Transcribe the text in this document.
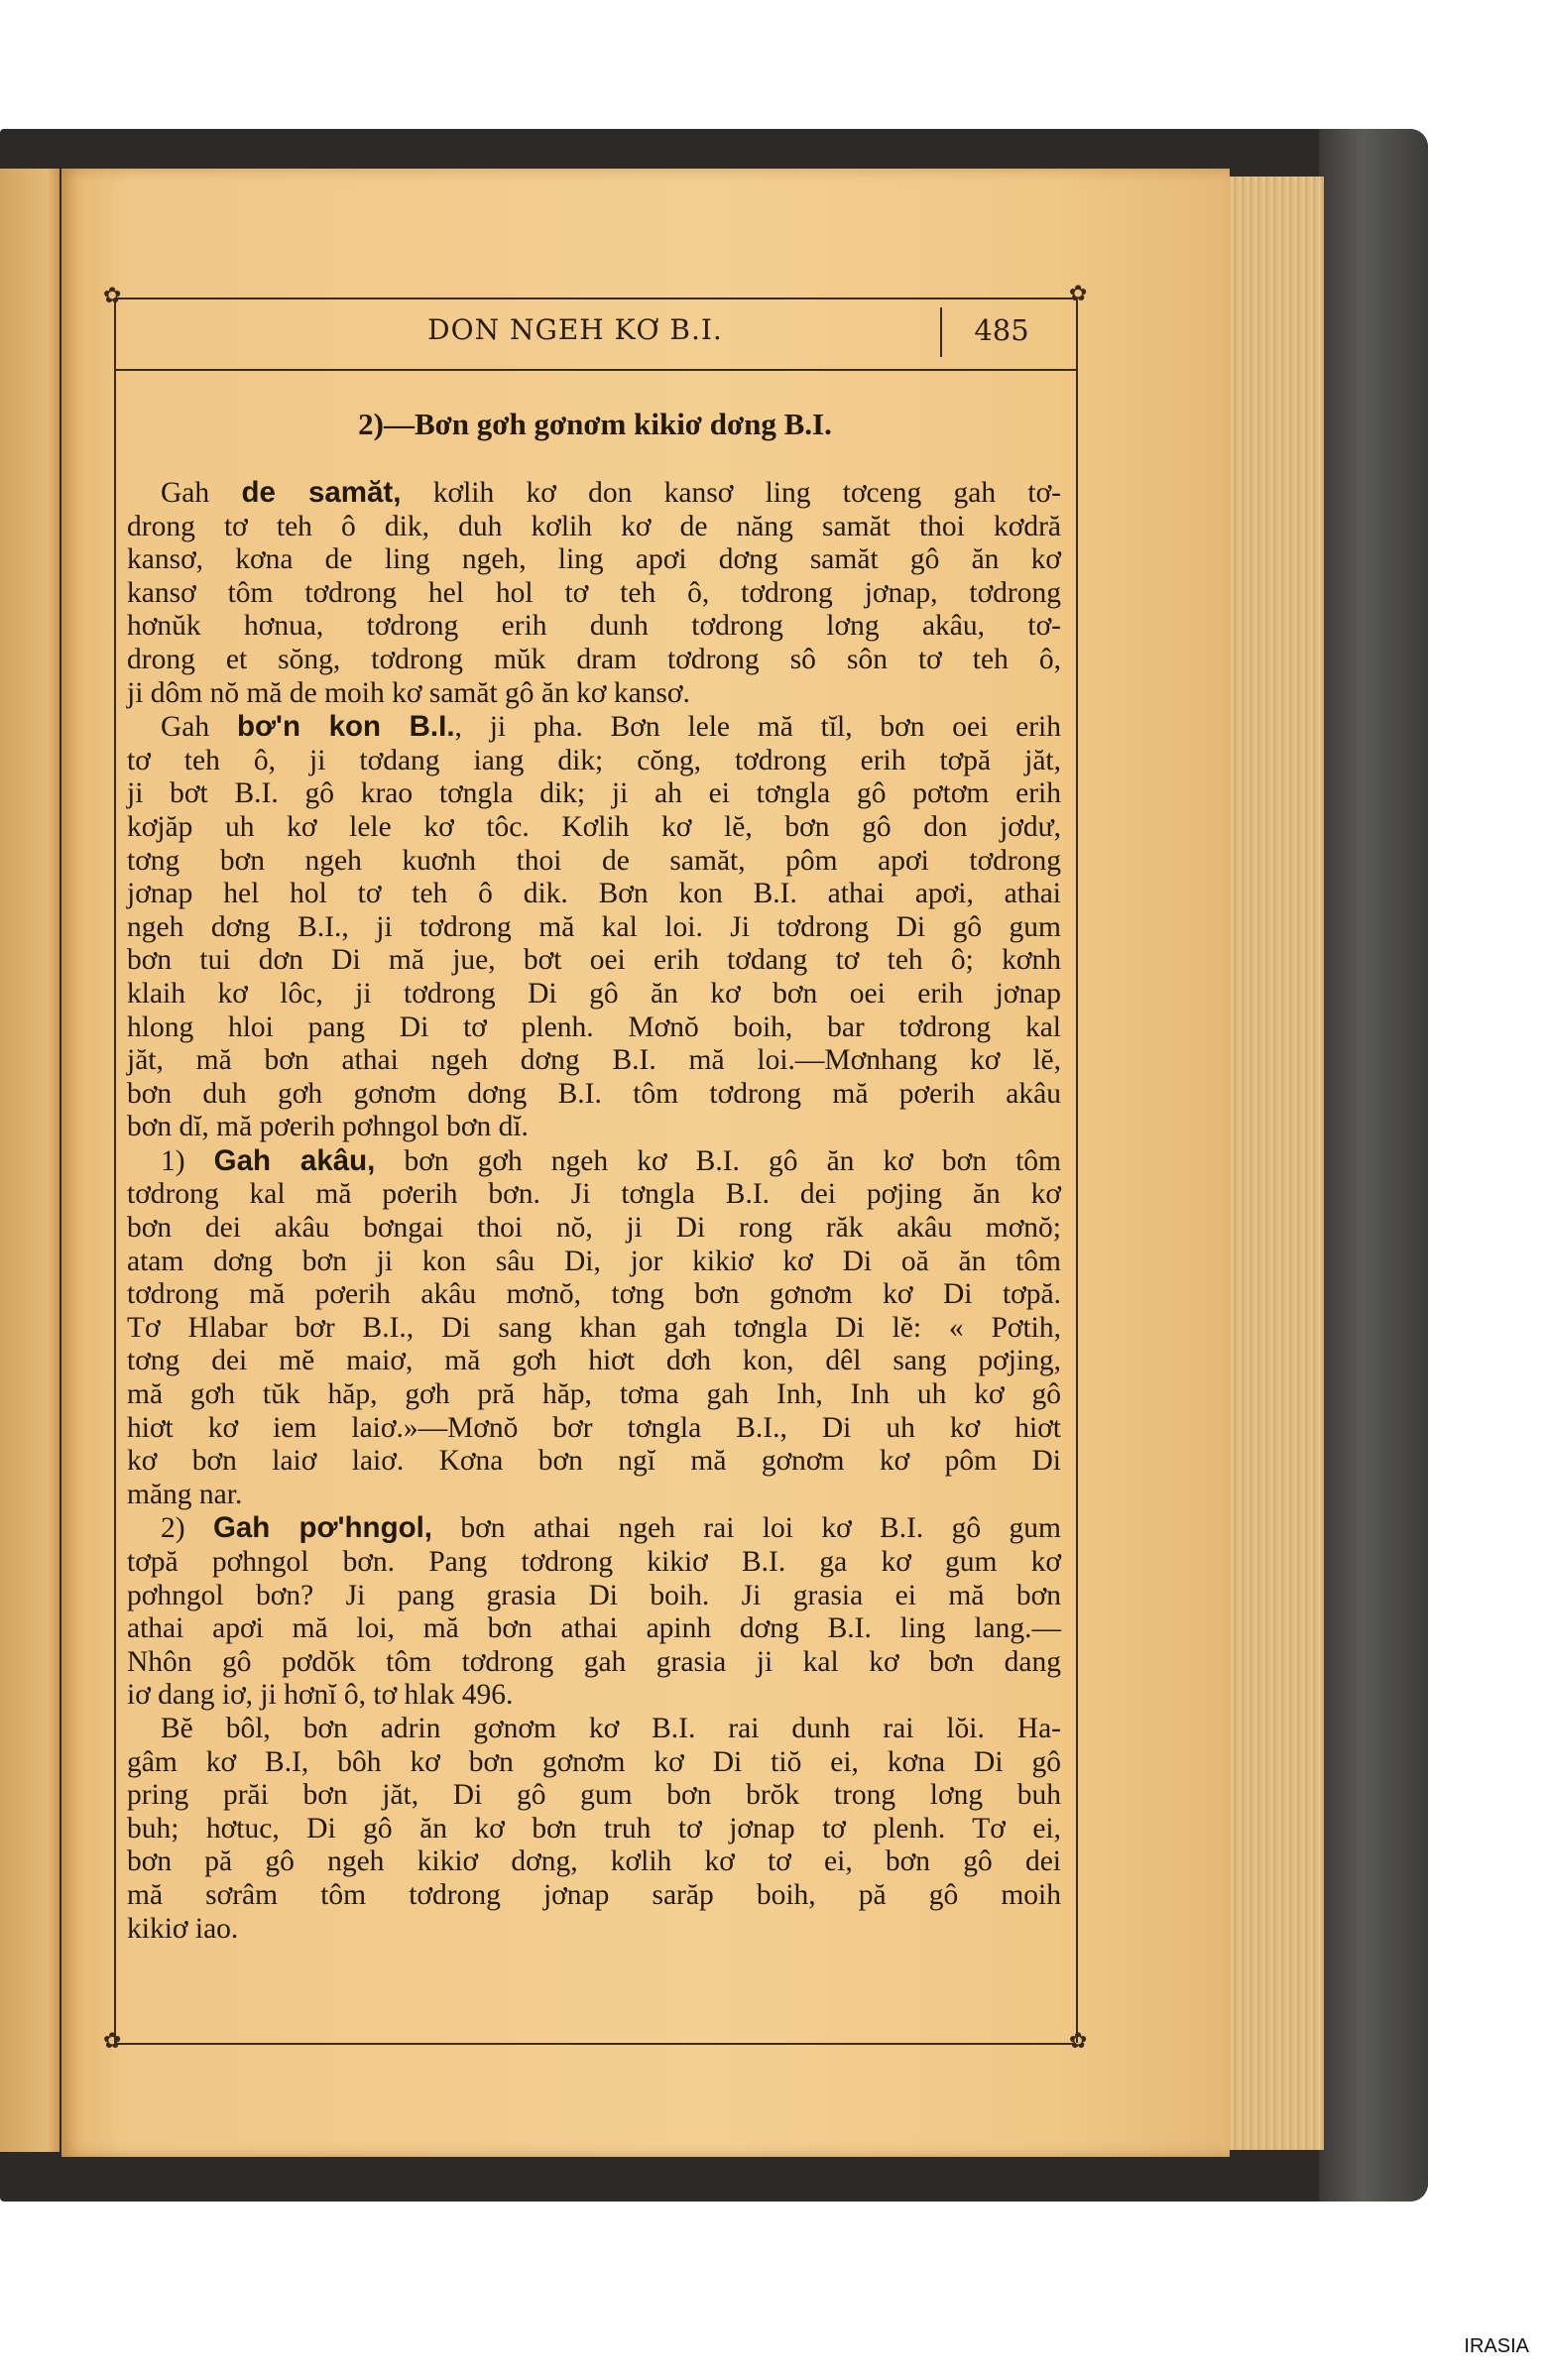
✿	✿
DON NGEH KƠ B.I.	485
2)—Bơn gơh gơnơm kikiơ dơng B.I.
Gah de samăt, kơlih kơ don kansơ ling tơceng gah tơ-
drong tơ teh ô dik, duh kơlih kơ de năng samăt thoi kơdră
kansơ, kơna de ling ngeh, ling apơi dơng samăt gô ăn kơ
kansơ tôm tơdrong hel hol tơ teh ô, tơdrong jơnap, tơdrong
hơnŭk hơnua, tơdrong erih dunh tơdrong lơng akâu, tơ-
drong et sŏng, tơdrong mŭk dram tơdrong sô sôn tơ teh ô,
ji dôm nŏ mă de moih kơ samăt gô ăn kơ kansơ.
Gah bơ'n kon B.I., ji pha. Bơn lele mă tĭl, bơn oei erih
tơ teh ô, ji tơdang iang dik; cŏng, tơdrong erih tơpă jăt,
ji bơt B.I. gô krao tơngla dik; ji ah ei tơngla gô pơtơm erih
kơjăp uh kơ lele kơ tôc. Kơlih kơ lĕ, bơn gô don jơdư,
tơng bơn ngeh kuơnh thoi de samăt, pôm apơi tơdrong
jơnap hel hol tơ teh ô dik. Bơn kon B.I. athai apơi, athai
ngeh dơng B.I., ji tơdrong mă kal loi. Ji tơdrong Di gô gum
bơn tui dơn Di mă jue, bơt oei erih tơdang tơ teh ô; kơnh
klaih kơ lôc, ji tơdrong Di gô ăn kơ bơn oei erih jơnap
hlong hloi pang Di tơ plenh. Mơnŏ boih, bar tơdrong kal
jăt, mă bơn athai ngeh dơng B.I. mă loi.—Mơnhang kơ lĕ,
bơn duh gơh gơnơm dơng B.I. tôm tơdrong mă pơerih akâu
bơn dĭ, mă pơerih pơhngol bơn dĭ.
1) Gah akâu, bơn gơh ngeh kơ B.I. gô ăn kơ bơn tôm
tơdrong kal mă pơerih bơn. Ji tơngla B.I. dei pơjing ăn kơ
bơn dei akâu bơngai thoi nŏ, ji Di rong răk akâu mơnŏ;
atam dơng bơn ji kon sâu Di, jor kikiơ kơ Di oă ăn tôm
tơdrong mă pơerih akâu mơnŏ, tơng bơn gơnơm kơ Di tơpă.
Tơ Hlabar bơr B.I., Di sang khan gah tơngla Di lĕ: « Pơtih,
tơng dei mĕ maiơ, mă gơh hiơt dơh kon, dêl sang pơjing,
mă gơh tŭk hăp, gơh pră hăp, tơma gah Inh, Inh uh kơ gô
hiơt kơ iem laiơ.»—Mơnŏ bơr tơngla B.I., Di uh kơ hiơt
kơ bơn laiơ laiơ. Kơna bơn ngĭ mă gơnơm kơ pôm Di
măng nar.
2) Gah pơ'hngol, bơn athai ngeh rai loi kơ B.I. gô gum
tơpă pơhngol bơn. Pang tơdrong kikiơ B.I. ga kơ gum kơ
pơhngol bơn? Ji pang grasia Di boih. Ji grasia ei mă bơn
athai apơi mă loi, mă bơn athai apinh dơng B.I. ling lang.—
Nhôn gô pơdŏk tôm tơdrong gah grasia ji kal kơ bơn dang
iơ dang iơ, ji hơnĭ ô, tơ hlak 496.
Bĕ bôl, bơn adrin gơnơm kơ B.I. rai dunh rai lŏi. Ha-
gâm kơ B.I, bôh kơ bơn gơnơm kơ Di tiŏ ei, kơna Di gô
pring prăi bơn jăt, Di gô gum bơn brŏk trong lơng buh
buh; hơtuc, Di gô ăn kơ bơn truh tơ jơnap tơ plenh. Tơ ei,
bơn pă gô ngeh kikiơ dơng, kơlih kơ tơ ei, bơn gô dei
mă sơrâm tôm tơdrong jơnap sarăp boih, pă gô moih
kikiơ iao.
✿	✿
IRASIA
